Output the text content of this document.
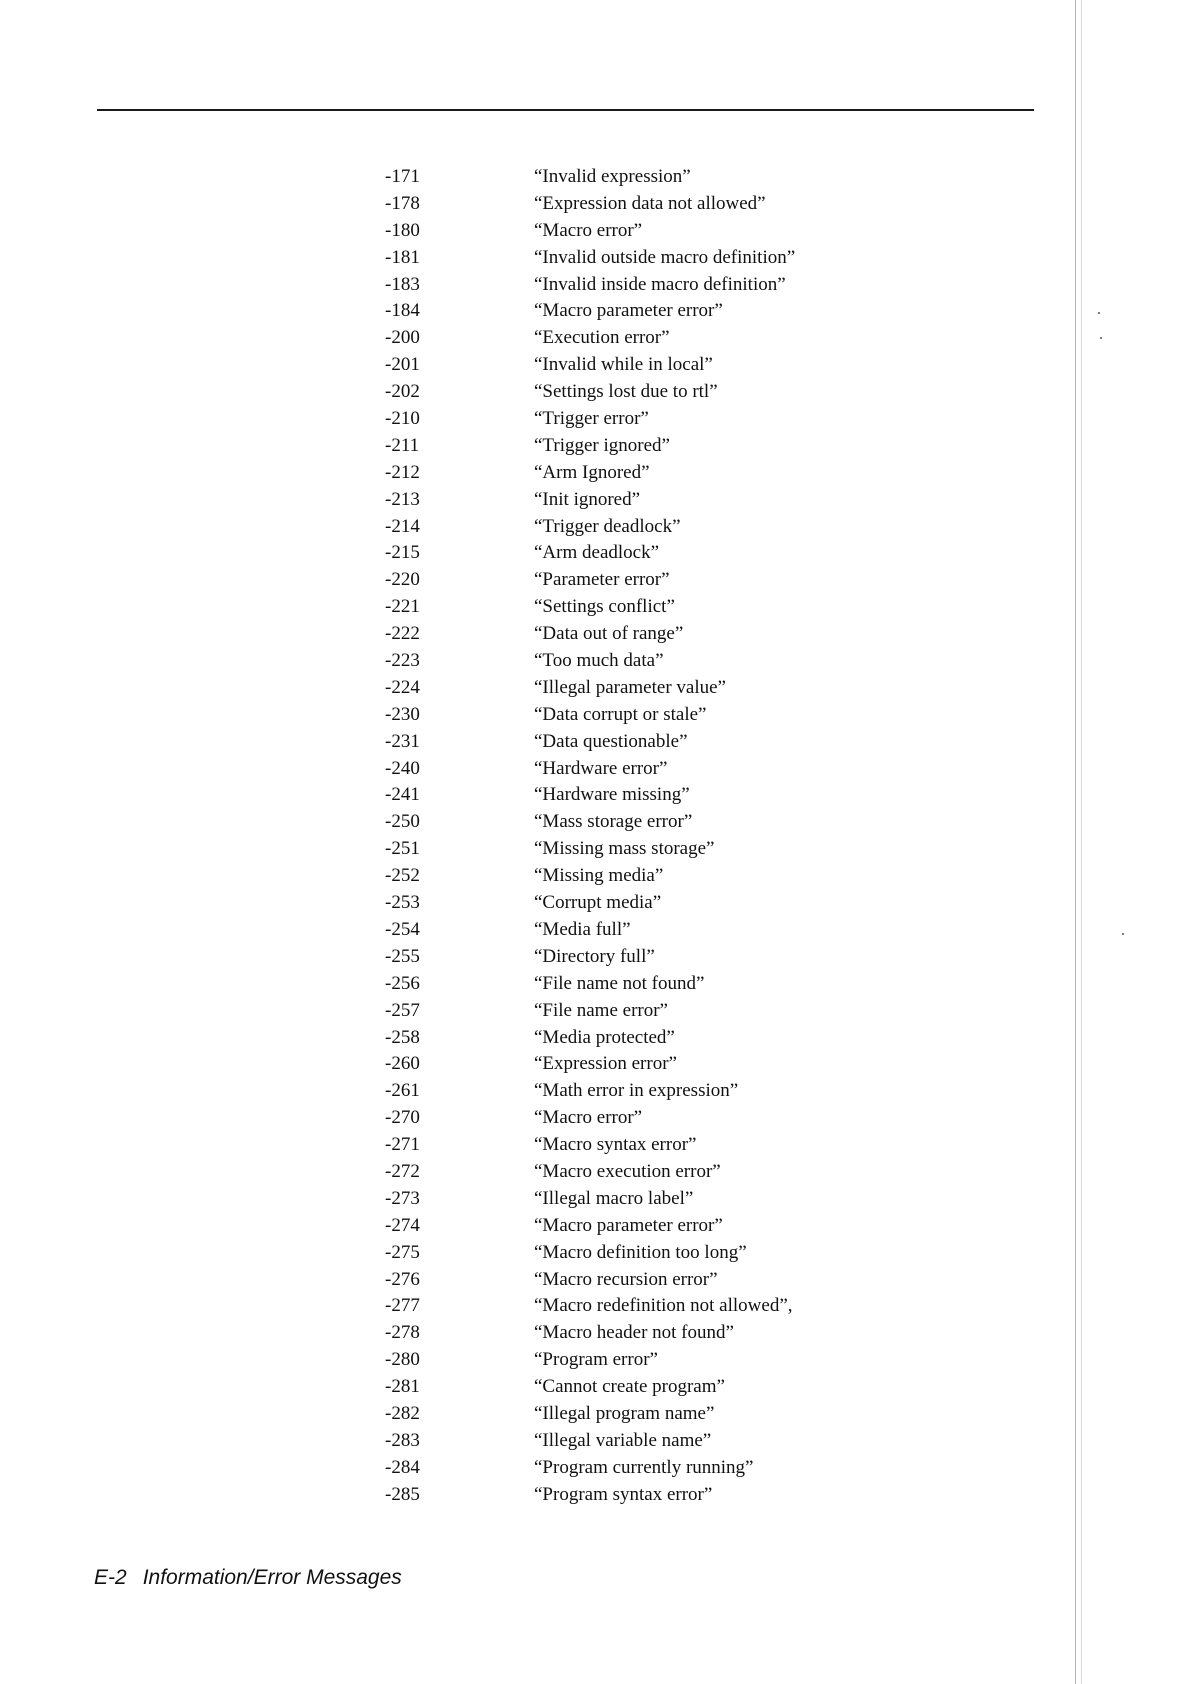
-171	“Invalid expression”
-178	“Expression data not allowed”
-180	“Macro error”
-181	“Invalid outside macro definition”
-183	“Invalid inside macro definition”
-184	“Macro parameter error”
-200	“Execution error”
-201	“Invalid while in local”
-202	“Settings lost due to rtl”
-210	“Trigger error”
-211	“Trigger ignored”
-212	“Arm Ignored”
-213	“Init ignored”
-214	“Trigger deadlock”
-215	“Arm deadlock”
-220	“Parameter error”
-221	“Settings conflict”
-222	“Data out of range”
-223	“Too much data”
-224	“Illegal parameter value”
-230	“Data corrupt or stale”
-231	“Data questionable”
-240	“Hardware error”
-241	“Hardware missing”
-250	“Mass storage error”
-251	“Missing mass storage”
-252	“Missing media”
-253	“Corrupt media”
-254	“Media full”
-255	“Directory full”
-256	“File name not found”
-257	“File name error”
-258	“Media protected”
-260	“Expression error”
-261	“Math error in expression”
-270	“Macro error”
-271	“Macro syntax error”
-272	“Macro execution error”
-273	“Illegal macro label”
-274	“Macro parameter error”
-275	“Macro definition too long”
-276	“Macro recursion error”
-277	“Macro redefinition not allowed”,
-278	“Macro header not found”
-280	“Program error”
-281	“Cannot create program”
-282	“Illegal program name”
-283	“Illegal variable name”
-284	“Program currently running”
-285	“Program syntax error”
E-2 Information/Error Messages
